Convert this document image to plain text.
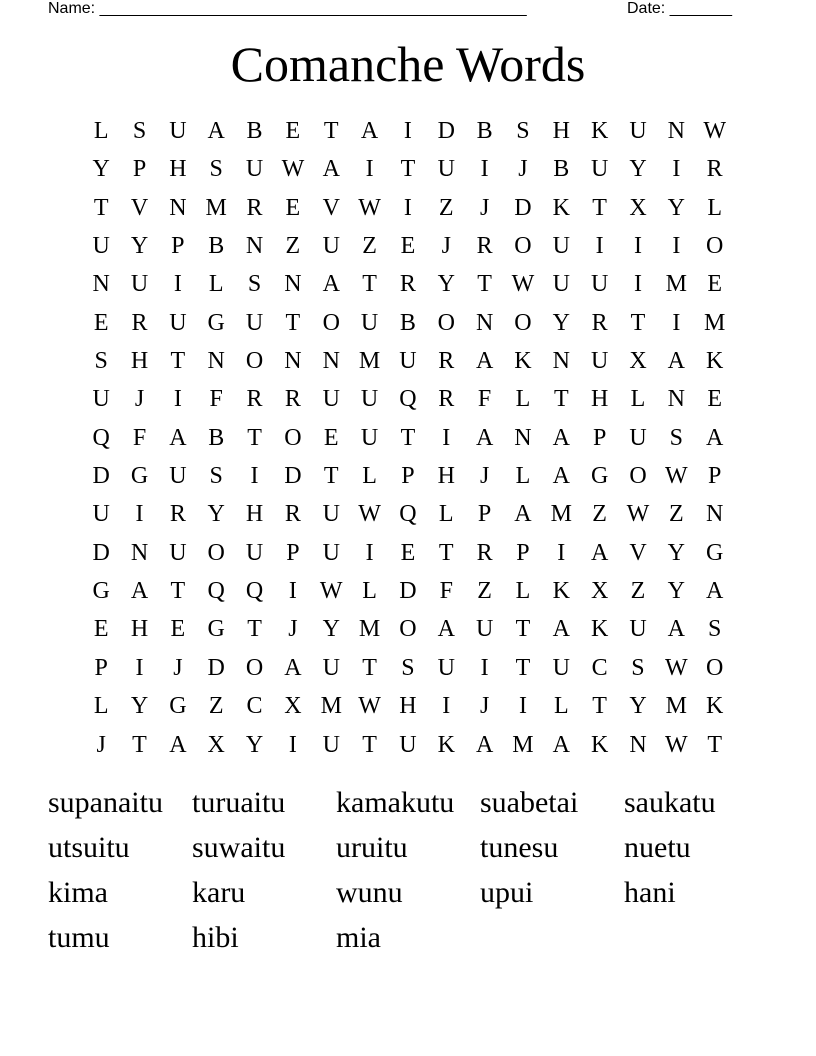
Name: ________________________________________________	Date: _______
Comanche Words
L	S U A B E T A	I	D B S H K U N W
Y P H S U W A	I	T U	I	J	B U Y	I	R
T V N M R E V W I	Z	J	D K T X Y L
U Y P B N Z U Z E	J	R O U	I	I	I	O
N U	I	L	S N A T R Y T W U U	I M E
E R U G U T O U B O N O Y R T	I M
S H T N O N N M U R A K N U X A K
U	J	I	F R R U U Q R F	L T H L N E
Q F A B T O E U T	I	A N A P U S A
D G U S	I	D T L	P H	J	L A G O W P
U	I	R Y H R U W Q L	P A M Z W Z N
D N U O U P U	I	E T R P	I	A V Y G
G A T Q Q	I W L D F	Z L K X Z Y A
E H E G T	J	Y M O A U T A K U A S
P	I	J	D O A U T	S U	I	T U C S W O
L Y G Z C X M W H	I	J	I	L T Y M K
J	T A X Y	I	U T U K A M A K N W T
supanaitu turuaitu	kamakutu suabetai	saukatu
utsuitu	suwaitu	uruitu	tunesu	nuetu
kima	karu	wunu	upui	hani
tumu	hibi	mia
